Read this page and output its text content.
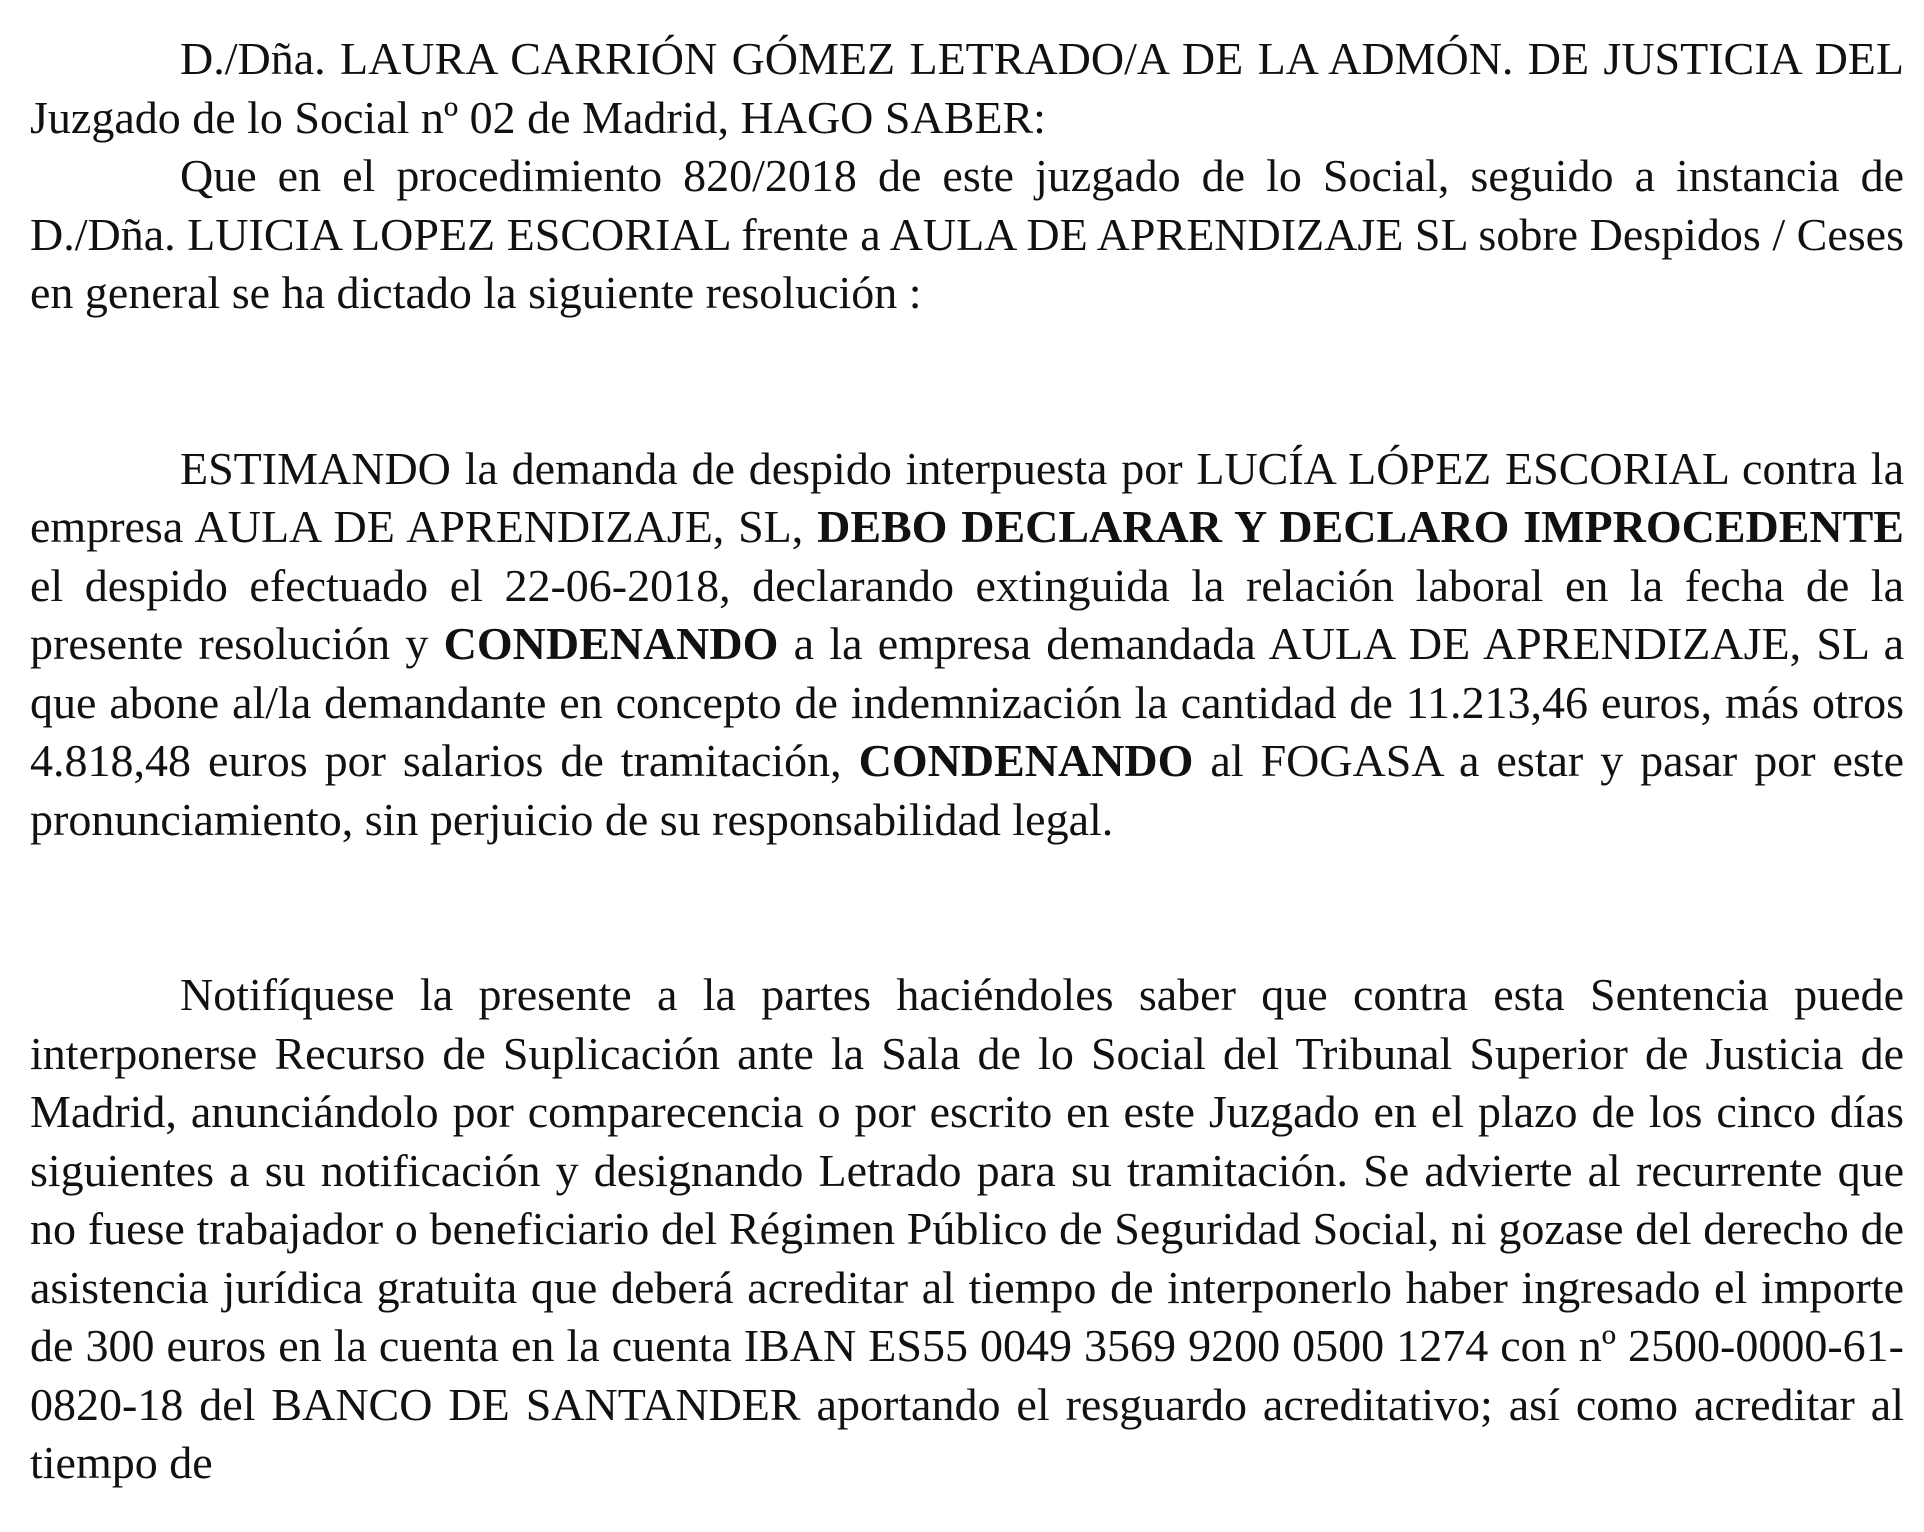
D./Dña. LAURA CARRIÓN GÓMEZ LETRADO/A DE LA ADMÓN. DE JUSTICIA DEL Juzgado de lo Social nº 02 de Madrid, HAGO SABER:

Que en el procedimiento 820/2018 de este juzgado de lo Social, seguido a instancia de D./Dña. LUICIA LOPEZ ESCORIAL frente a AULA DE APRENDIZAJE SL sobre Despidos / Ceses en general se ha dictado la siguiente resolución :

ESTIMANDO la demanda de despido interpuesta por LUCÍA LÓPEZ ESCORIAL contra la empresa AULA DE APRENDIZAJE, SL, DEBO DECLARAR Y DECLARO IMPROCEDENTE el despido efectuado el 22-06-2018, declarando extinguida la relación laboral en la fecha de la presente resolución y CONDENANDO a la empresa demandada AULA DE APRENDIZAJE, SL a que abone al/la demandante en concepto de indemnización la cantidad de 11.213,46 euros, más otros 4.818,48 euros por salarios de tramitación, CONDENANDO al FOGASA a estar y pasar por este pronunciamiento, sin perjuicio de su responsabilidad legal.

Notifíquese la presente a la partes haciéndoles saber que contra esta Sentencia puede interponerse Recurso de Suplicación ante la Sala de lo Social del Tribunal Superior de Justicia de Madrid, anunciándolo por comparecencia o por escrito en este Juzgado en el plazo de los cinco días siguientes a su notificación y designando Letrado para su tramitación. Se advierte al recurrente que no fuese trabajador o beneficiario del Régimen Público de Seguridad Social, ni gozase del derecho de asistencia jurídica gratuita que deberá acreditar al tiempo de interponerlo haber ingresado el importe de 300 euros en la cuenta en la cuenta IBAN ES55 0049 3569 9200 0500 1274 con nº 2500-0000-61-0820-18 del BANCO DE SANTANDER aportando el resguardo acreditativo; así como acreditar al tiempo de
